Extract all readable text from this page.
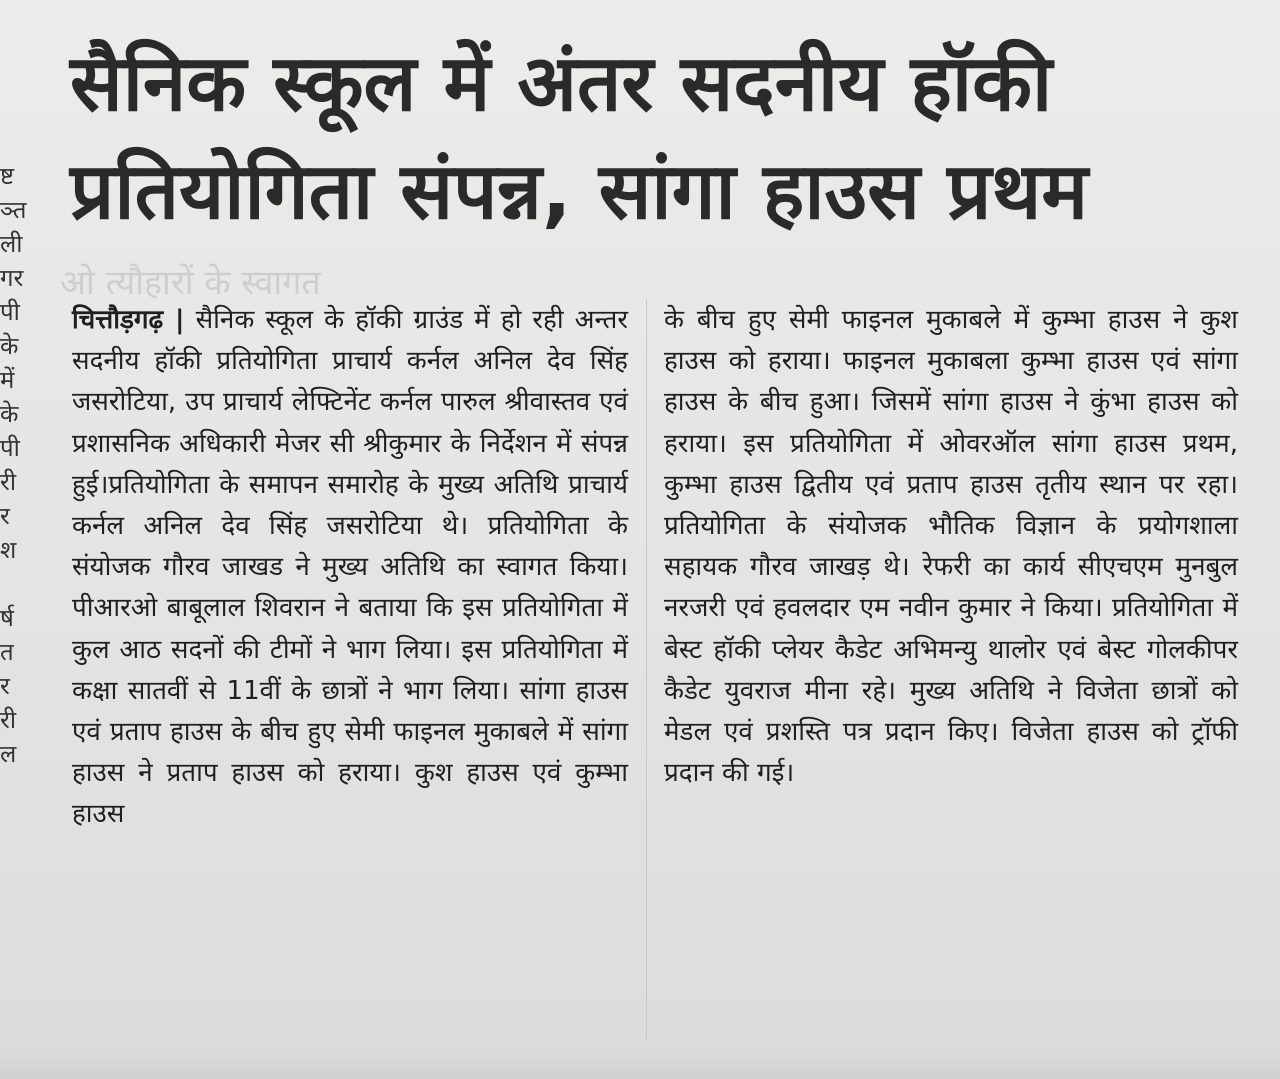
सैनिक स्कूल में अंतर सदनीय हॉकी
प्रतियोगिता संपन्न, सांगा हाउस प्रथम
ओ त्यौहारों के स्वागत
ष्ट
ञ्त
ली
गर
पी
के
में
के
पी
री
र
श
र्ष
त
र
री
ल

चित्तौड़गढ़ | सैनिक स्कूल के हॉकी ग्राउंड में हो रही अन्तर सदनीय हॉकी प्रतियोगिता प्राचार्य कर्नल अनिल देव सिंह जसरोटिया, उप प्राचार्य लेफ्टिनेंट कर्नल पारुल श्रीवास्तव एवं प्रशासनिक अधिकारी मेजर सी श्रीकुमार के निर्देशन में संपन्न हुई।प्रतियोगिता के समापन समारोह के मुख्य अतिथि प्राचार्य कर्नल अनिल देव सिंह जसरोटिया थे। प्रतियोगिता के संयोजक गौरव जाखड ने मुख्य अतिथि का स्वागत किया। पीआरओ बाबूलाल शिवरान ने बताया कि इस प्रतियोगिता में कुल आठ सदनों की टीमों ने भाग लिया। इस प्रतियोगिता में कक्षा सातवीं से 11वीं के छात्रों ने भाग लिया। सांगा हाउस एवं प्रताप हाउस के बीच हुए सेमी फाइनल मुकाबले में सांगा हाउस ने प्रताप हाउस को हराया। कुश हाउस एवं कुम्भा हाउस

के बीच हुए सेमी फाइनल मुकाबले में कुम्भा हाउस ने कुश हाउस को हराया। फाइनल मुकाबला कुम्भा हाउस एवं सांगा हाउस के बीच हुआ। जिसमें सांगा हाउस ने कुंभा हाउस को हराया। इस प्रतियोगिता में ओवरऑल सांगा हाउस प्रथम, कुम्भा हाउस द्वितीय एवं प्रताप हाउस तृतीय स्थान पर रहा। प्रतियोगिता के संयोजक भौतिक विज्ञान के प्रयोगशाला सहायक गौरव जाखड़ थे। रेफरी का कार्य सीएचएम मुनबुल नरजरी एवं हवलदार एम नवीन कुमार ने किया। प्रतियोगिता में बेस्ट हॉकी प्लेयर कैडेट अभिमन्यु थालोर एवं बेस्ट गोलकीपर कैडेट युवराज मीना रहे। मुख्य अतिथि ने विजेता छात्रों को मेडल एवं प्रशस्ति पत्र प्रदान किए। विजेता हाउस को ट्रॉफी प्रदान की गई।
